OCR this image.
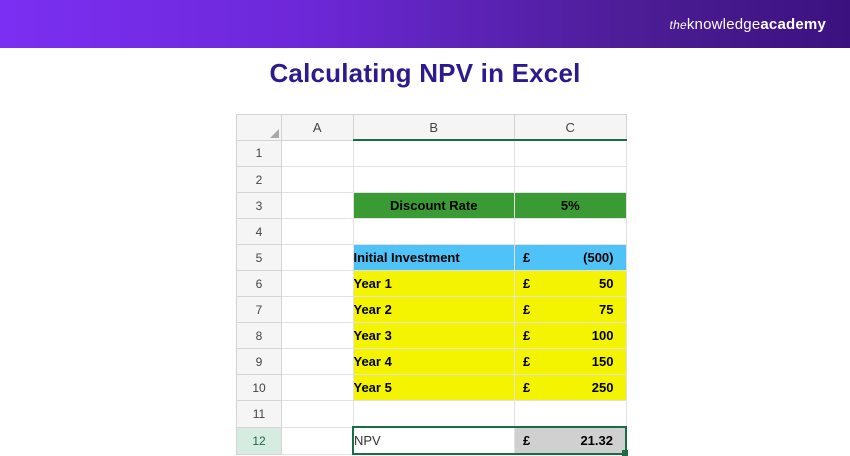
theknowledgeacademy
Calculating NPV in Excel
	A	B	C
1			
2			
3		Discount Rate	5%
4			
5		Initial Investment	£ (500)

6		Year 1	£ 50

7		Year 2	£ 75

8		Year 3	£ 100

9		Year 4	£ 150

10		Year 5	£ 250

11			
12		NPV	£ 21.32
